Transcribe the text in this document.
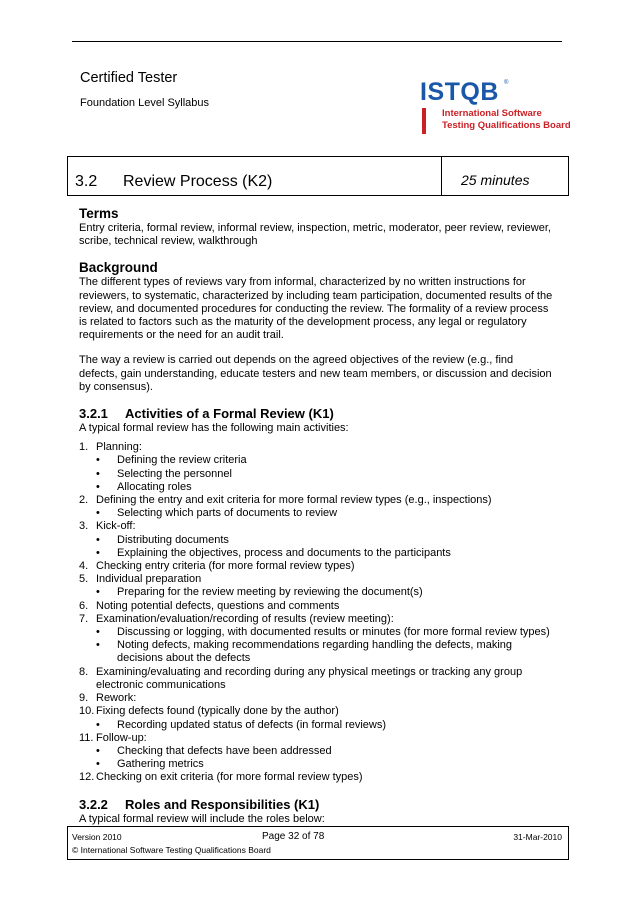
Certified Tester
Foundation Level Syllabus	ISTQB ®
International Software
Testing Qualifications Board
3.2 Review Process (K2)	25 minutes

Terms

Entry criteria, formal review, informal review, inspection, metric, moderator, peer review, reviewer, scribe, technical review, walkthrough

Background

The different types of reviews vary from informal, characterized by no written instructions for reviewers, to systematic, characterized by including team participation, documented results of the review, and documented procedures for conducting the review. The formality of a review process is related to factors such as the maturity of the development process, any legal or regulatory requirements or the need for an audit trail.

The way a review is carried out depends on the agreed objectives of the review (e.g., find defects, gain understanding, educate testers and new team members, or discussion and decision by consensus).

3.2.1 Activities of a Formal Review (K1)

A typical formal review has the following main activities:

1. Planning:
• Defining the review criteria
• Selecting the personnel
• Allocating roles
2. Defining the entry and exit criteria for more formal review types (e.g., inspections)
• Selecting which parts of documents to review
3. Kick-off:
• Distributing documents
• Explaining the objectives, process and documents to the participants
4. Checking entry criteria (for more formal review types)
5. Individual preparation
• Preparing for the review meeting by reviewing the document(s)
6. Noting potential defects, questions and comments
7. Examination/evaluation/recording of results (review meeting):
• Discussing or logging, with documented results or minutes (for more formal review types)
• Noting defects, making recommendations regarding handling the defects, making decisions about the defects
8. Examining/evaluating and recording during any physical meetings or tracking any group electronic communications
9. Rework:
10. Fixing defects found (typically done by the author)
• Recording updated status of defects (in formal reviews)
11. Follow-up:
• Checking that defects have been addressed
• Gathering metrics
12. Checking on exit criteria (for more formal review types)

3.2.2 Roles and Responsibilities (K1)

A typical formal review will include the roles below:

Version 2010	Page 32 of 78	31-Mar-2010
© International Software Testing Qualifications Board
